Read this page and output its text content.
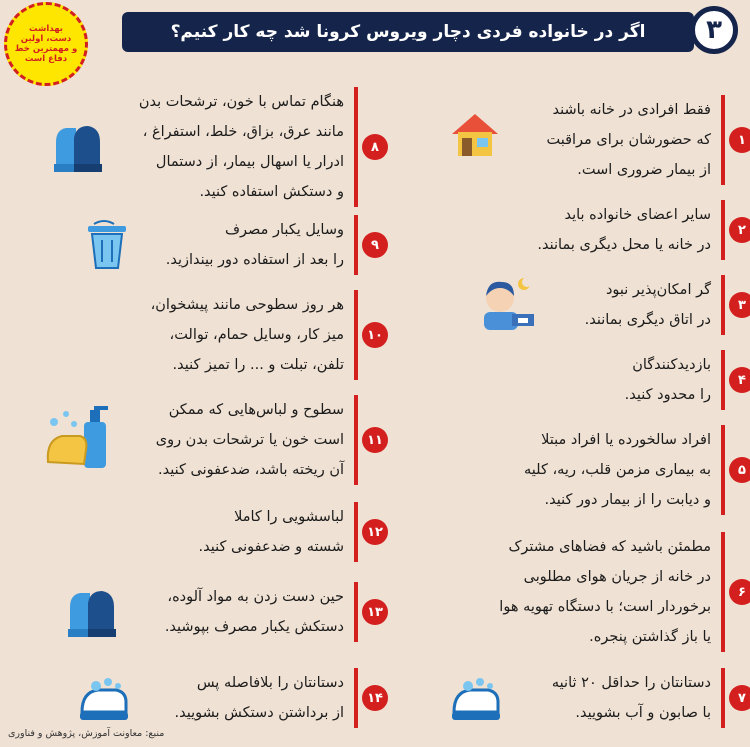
بهداشت
دست، اولین
و مهمترین خط
دفاع است
اگر در خانواده فردی دچار ویروس کرونا شد چه کار کنیم؟	۳
۱
فقط افرادی در خانه باشند
که حضورشان برای مراقبت
از بیمار ضروری است.
۲
سایر اعضای خانواده باید
در خانه یا محل دیگری بمانند.
۳
گر امکان‌پذیر نبود
در اتاق دیگری بمانند.
۴
بازدیدکنندگان
را محدود کنید.
۵
افراد سالخورده یا افراد مبتلا
به بیماری مزمن قلب، ریه، کلیه
و دیابت را از بیمار دور کنید.
۶
مطمئن باشید که فضاهای مشترک
در خانه از جریان هوای مطلوبی
برخوردار است؛ با دستگاه تهویه هوا
یا باز گذاشتن پنجره.
۷
دستانتان را حداقل ۲۰ ثانیه
با صابون و آب بشویید.
۸
هنگام تماس با خون، ترشحات بدن
مانند عرق، بزاق، خلط، استفراغ ،
ادرار یا اسهال بیمار، از دستمال
و دستکش استفاده کنید.
۹
وسایل یکبار مصرف
را بعد از استفاده دور بیندازید.
۱۰
هر روز سطوحی مانند پیشخوان،
میز کار، وسایل حمام، توالت،
تلفن، تبلت و ... را تمیز کنید.
۱۱
سطوح و لباس‌هایی که ممکن
است خون یا ترشحات بدن روی
آن ریخته باشد، ضدعفونی کنید.
۱۲
لباسشویی را کاملا
شسته و ضدعفونی کنید.
۱۳
حین دست زدن به مواد آلوده،
دستکش یکبار مصرف بپوشید.
۱۴
دستانتان را بلافاصله پس
از برداشتن دستکش بشویید.
منبع: معاونت آموزش، پژوهش و فناوری
